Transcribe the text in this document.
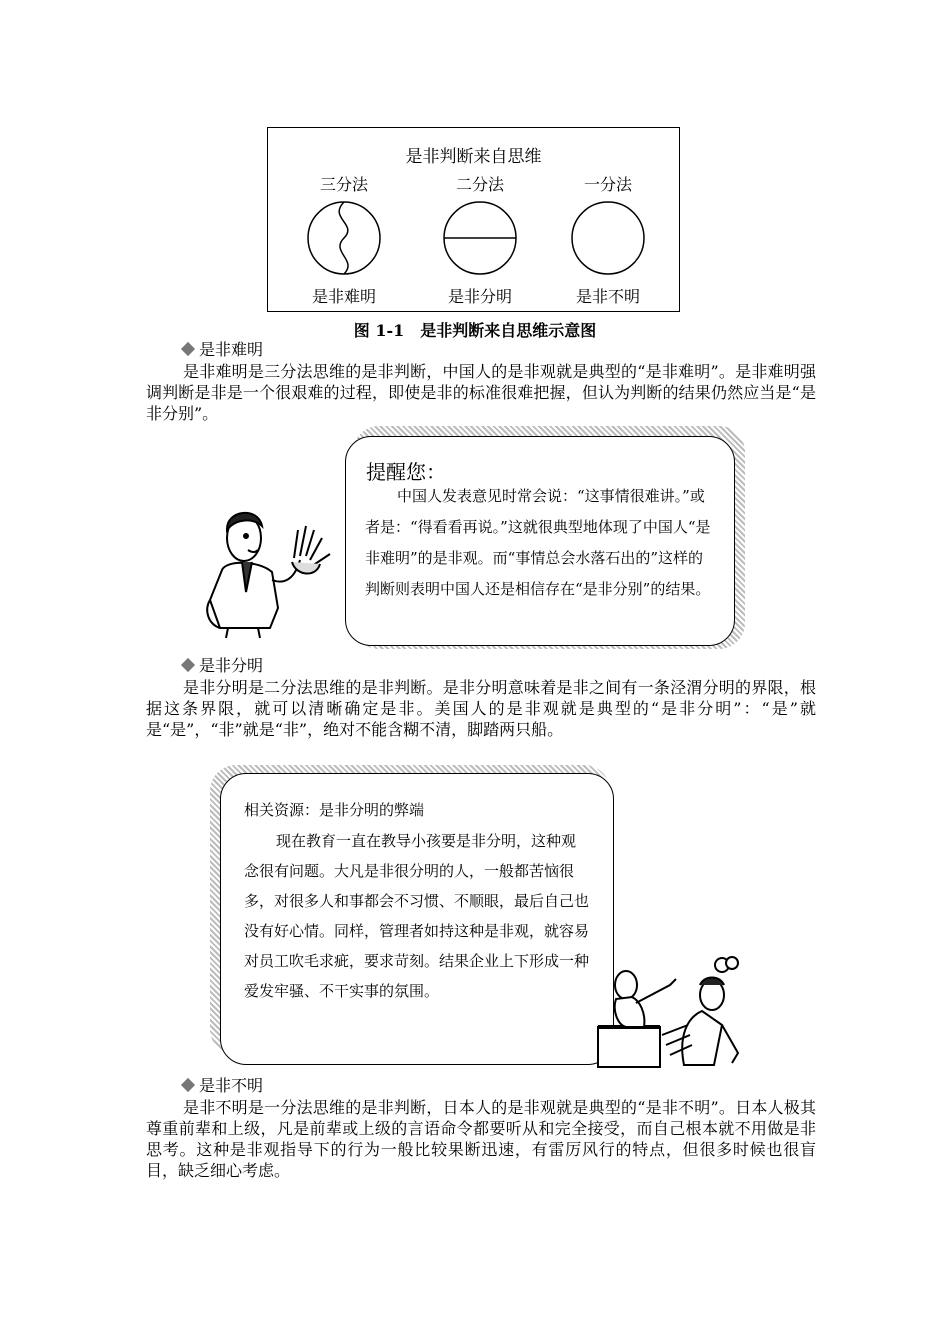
是非判断来自思维
三分法
是非难明
二分法
是非分明
一分法
是非不明
图 1-1　是非判断来自思维示意图
是非难明

是非难明是三分法思维的是非判断，中国人的是非观就是典型的“是非难明”。是非难明强调判断是非是一个很艰难的过程，即使是非的标准很难把握，但认为判断的结果仍然应当是“是非分别”。

提醒您：

中国人发表意见时常会说：“这事情很难讲。”或者是：“得看看再说。”这就很典型地体现了中国人“是非难明”的是非观。而“事情总会水落石出的”这样的判断则表明中国人还是相信存在“是非分别”的结果。

是非分明

是非分明是二分法思维的是非判断。是非分明意味着是非之间有一条泾渭分明的界限，根据这条界限，就可以清晰确定是非。美国人的是非观就是典型的“是非分明”：“是”就是“是”，“非”就是“非”，绝对不能含糊不清，脚踏两只船。

相关资源：是非分明的弊端

现在教育一直在教导小孩要是非分明，这种观念很有问题。大凡是非很分明的人，一般都苦恼很多，对很多人和事都会不习惯、不顺眼，最后自己也没有好心情。同样，管理者如持这种是非观，就容易对员工吹毛求疵，要求苛刻。结果企业上下形成一种爱发牢骚、不干实事的氛围。

是非不明

是非不明是一分法思维的是非判断，日本人的是非观就是典型的“是非不明”。日本人极其尊重前辈和上级，凡是前辈或上级的言语命令都要听从和完全接受，而自己根本就不用做是非思考。这种是非观指导下的行为一般比较果断迅速，有雷厉风行的特点，但很多时候也很盲目，缺乏细心考虑。
